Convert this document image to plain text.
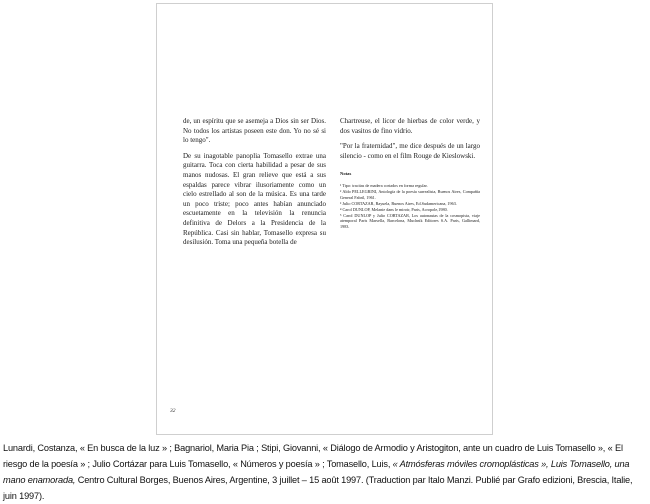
de, un espíritu que se asemeja a Dios sin ser Dios. No todos los artistas poseen este don. Yo no sé si lo tengo".

De su inagotable panoplia Tomasello extrae una guitarra. Toca con cierta habilidad a pesar de sus manos nudosas. El gran relieve que está a sus espaldas parece vibrar ilusoriamente como un cielo estrellado al son de la música. Es una tarde un poco triste; poco antes habían anunciado escuetamente en la televisión la renuncia definitiva de Delors a la Presidencia de la República. Casi sin hablar, Tomasello expresa su desilusión. Toma una pequeña botella de

Chartreuse, el licor de hierbas de color verde, y dos vasitos de fino vidrio.

"Por la fraternidad", me dice después de un largo silencio - como en el film Rouge de Kieslowski.

Notas
¹ Tipo: tracitas de madera cortados en forma regular.
² Aldo PELLEGRINI, Antología de la poesía surrealista, Buenos Aires, Compañía General Fabril, 1961.
³ Julio CORTAZAR, Rayuela, Buenos Aires, Ed.Sudamericana, 1963.
⁴ Carol DUNLOP, Melanie dans le miroir, Paris, Acropole,1980.
⁵ Carol DUNLOP y Julio CORTAZAR, Los autonautas de la cosmopista, viaje atemporal Paris Marsella, Barcelona, Muchnik Editores S.A. Paris, Gallimard, 1983.
32
Lunardi, Costanza, « En busca de la luz » ; Bagnariol, Maria Pia ; Stipi, Giovanni, « Diálogo de Armodio y Aristogiton, ante un cuadro de Luis Tomasello », « El riesgo de la poesía » ; Julio Cortázar para Luis Tomasello, « Números y poesía » ; Tomasello, Luis, « Atmósferas móviles cromoplásticas », Luis Tomasello, una mano enamorada, Centro Cultural Borges, Buenos Aires, Argentine, 3 juillet – 15 août 1997. (Traduction par Italo Manzi. Publié par Grafo edizioni, Brescia, Italie, juin 1997).
